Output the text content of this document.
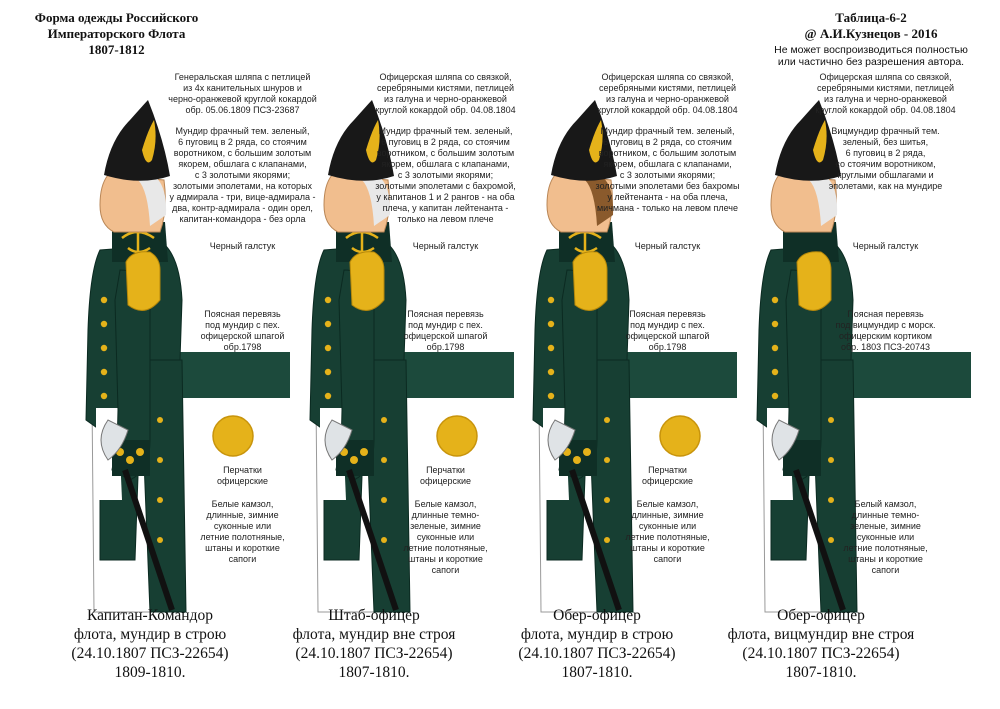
Форма одежды Российского
Императорского Флота
1807-1812
Таблица-6-2
@ А.И.Кузнецов - 2016
Не может воспроизводиться полностью
или частично без разрешения автора.
Генеральская шляпа с петлицей
из 4х канительных шнуров и
черно-оранжевой круглой кокардой
обр. 05.06.1809 ПСЗ-23687
Мундир фрачный тем. зеленый,
6 пуговиц в 2 ряда, со стоячим
воротником, с большим золотым
якорем, обшлага с клапанами,
с 3 золотыми якорями;
золотыми эполетами, на которых
у адмирала - три, вице-адмирала -
два, контр-адмирала - один орел,
капитан-командора - без орла
Черный галстук
Поясная перевязь
под мундир с пех.
офицерской шпагой
обр.1798
Перчатки
офицерские
Белые камзол,
длинные, зимние
суконные или
летние полотняные,
штаны и короткие
сапоги
Капитан-Командор
флота, мундир в строю
(24.10.1807 ПСЗ-22654)
1809-1810.
Офицерская шляпа со связкой,
серебряными кистями, петлицей
из галуна и черно-оранжевой
круглой кокардой обр. 04.08.1804
Мундир фрачный тем. зеленый,
6 пуговиц в 2 ряда, со стоячим
воротником, с большим золотым
якорем, обшлага с клапанами,
с 3 золотыми якорями;
золотыми эполетами с бахромой,
у капитанов 1 и 2 рангов - на оба
плеча, у капитан лейтенанта -
только на левом плече
Черный галстук
Поясная перевязь
под мундир с пех.
офицерской шпагой
обр.1798
Перчатки
офицерские
Белые камзол,
длинные темно-
зеленые, зимние
суконные или
летние полотняные,
штаны и короткие
сапоги
Штаб-офицер
флота, мундир вне строя
(24.10.1807 ПСЗ-22654)
1807-1810.
Офицерская шляпа со связкой,
серебряными кистями, петлицей
из галуна и черно-оранжевой
круглой кокардой обр. 04.08.1804
Мундир фрачный тем. зеленый,
6 пуговиц в 2 ряда, со стоячим
воротником, с большим золотым
якорем, обшлага с клапанами,
с 3 золотыми якорями;
золотыми эполетами без бахромы
у лейтенанта - на оба плеча,
мичмана - только на левом плече
Черный галстук
Поясная перевязь
под мундир с пех.
офицерской шпагой
обр.1798
Перчатки
офицерские
Белые камзол,
длинные, зимние
суконные или
летние полотняные,
штаны и короткие
сапоги
Обер-офицер
флота, мундир в строю
(24.10.1807 ПСЗ-22654)
1807-1810.
Офицерская шляпа со связкой,
серебряными кистями, петлицей
из галуна и черно-оранжевой
круглой кокардой обр. 04.08.1804
Вицмундир фрачный тем.
зеленый, без шитья,
6 пуговиц в 2 ряда,
со стоячим воротником,
круглыми обшлагами и
эполетами, как на мундире
Черный галстук
Поясная перевязь
под вицмундир с морск.
офицерским кортиком
обр. 1803 ПСЗ-20743
Белый камзол,
длинные темно-
зеленые, зимние
суконные или
летние полотняные,
штаны и короткие
сапоги
Обер-офицер
флота, вицмундир вне строя
(24.10.1807 ПСЗ-22654)
1807-1810.
